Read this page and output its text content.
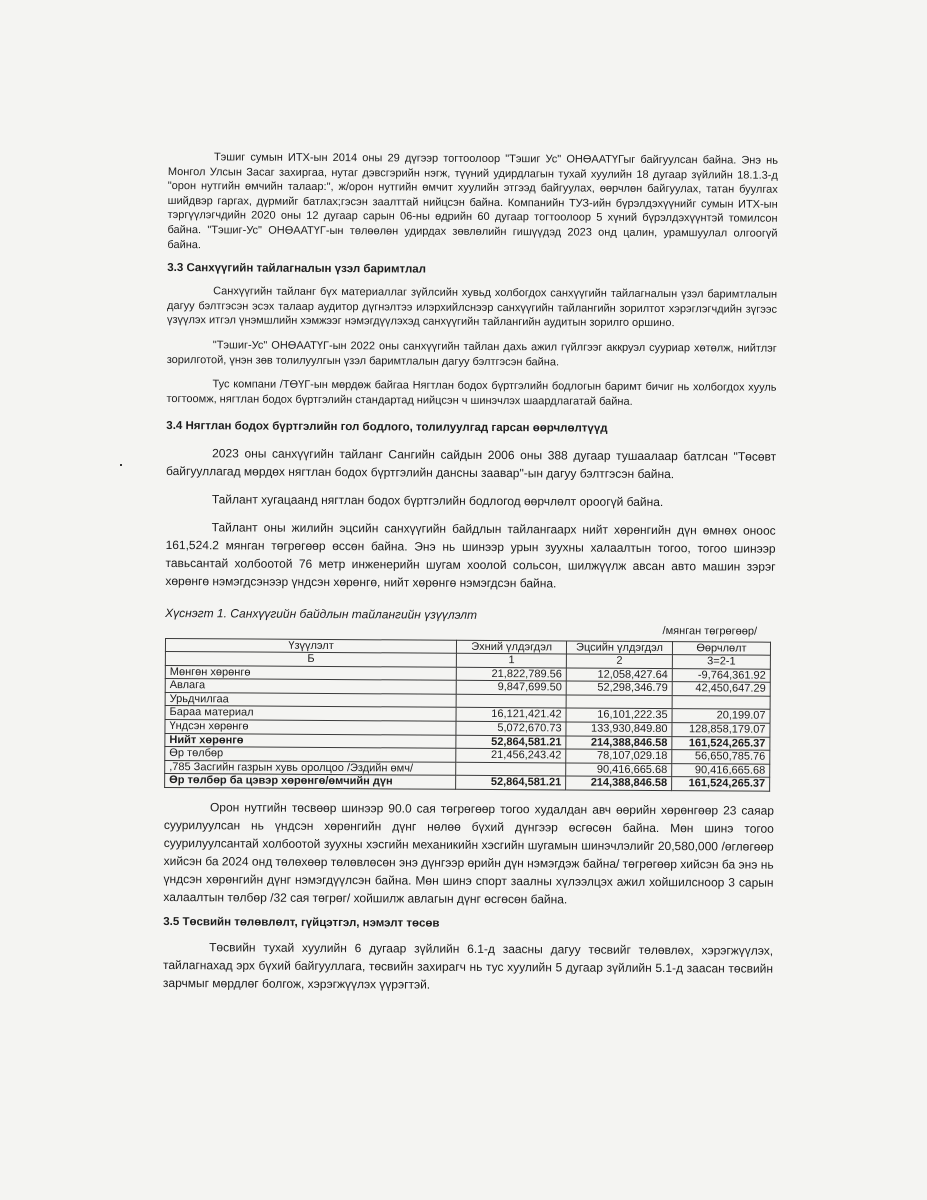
Тэшиг сумын ИТХ-ын 2014 оны 29 дүгээр тогтоолоор "Тэшиг Ус" ОНӨААТҮГыг байгуулсан байна. Энэ нь Монгол Улсын Засаг захиргаа, нутаг дэвсгэрийн нэгж, түүний удирдлагын тухай хуулийн 18 дугаар зүйлийн 18.1.3-д "орон нутгийн өмчийн талаар:", ж/орон нутгийн өмчит хуулийн этгээд байгуулах, өөрчлөн байгуулах, татан буулгах шийдвэр гаргах, дүрмийг батлах;гэсэн заалттай нийцсэн байна. Компанийн ТУЗ-ийн бүрэлдэхүүнийг сумын ИТХ-ын тэргүүлэгчдийн 2020 оны 12 дугаар сарын 06-ны өдрийн 60 дугаар тогтоолоор 5 хүний бүрэлдэхүүнтэй томилсон байна. "Тэшиг-Ус" ОНӨААТҮГ-ын төлөөлөн удирдах зөвлөлийн гишүүдэд 2023 онд цалин, урамшуулал олгоогүй байна.

3.3 Санхүүгийн тайлагналын үзэл баримтлал

Санхүүгийн тайланг бүх материаллаг зүйлсийн хувьд холбогдох санхүүгийн тайлагналын үзэл баримтлалын дагуу бэлтгэсэн эсэх талаар аудитор дүгнэлтээ илэрхийлснээр санхүүгийн тайлангийн зорилтот хэрэглэгчдийн зүгээс үзүүлэх итгэл үнэмшлийн хэмжээг нэмэгдүүлэхэд санхүүгийн тайлангийн аудитын зорилго оршино.

"Тэшиг-Ус" ОНӨААТҮГ-ын 2022 оны санхүүгийн тайлан дахь ажил гүйлгээг аккруэл сууриар хөтөлж, нийтлэг зорилготой, үнэн зөв толилуулгын үзэл баримтлалын дагуу бэлтгэсэн байна.

Тус компани /ТӨҮГ-ын мөрдөж байгаа Нягтлан бодох бүртгэлийн бодлогын баримт бичиг нь холбогдох хууль тогтоомж, нягтлан бодох бүртгэлийн стандартад нийцсэн ч шинэчлэх шаардлагатай байна.

3.4 Нягтлан бодох бүртгэлийн гол бодлого, толилуулгад гарсан өөрчлөлтүүд

2023 оны санхүүгийн тайланг Сангийн сайдын 2006 оны 388 дугаар тушаалаар батлсан "Төсөвт байгууллагад мөрдөх нягтлан бодох бүртгэлийн дансны заавар"-ын дагуу бэлтгэсэн байна.

Тайлант хугацаанд нягтлан бодох бүртгэлийн бодлогод өөрчлөлт ороогүй байна.

Тайлант оны жилийн эцсийн санхүүгийн байдлын тайлангаарх нийт хөрөнгийн дүн өмнөх оноос 161,524.2 мянган төгрөгөөр өссөн байна. Энэ нь шинээр урын зуухны халаалтын тогоо, тогоо шинээр тавьсантай холбоотой 76 метр инженерийн шугам хоолой сольсон, шилжүүлж авсан авто машин зэрэг хөрөнгө нэмэгдсэнээр үндсэн хөрөнгө, нийт хөрөнгө нэмэгдсэн байна.

Хүснэгт 1. Санхүүгийн байдлын тайлангийн үзүүлэлт

/мянган төгрөгөөр/

Үзүүлэлт	Эхний үлдэгдэл	Эцсийн үлдэгдэл	Өөрчлөлт
Б	1	2	3=2-1
Мөнгөн хөрөнгө	21,822,789.56	12,058,427.64	-9,764,361.92
Авлага	9,847,699.50	52,298,346.79	42,450,647.29
Урьдчилгаа			
Бараа материал	16,121,421.42	16,101,222.35	20,199.07
Үндсэн хөрөнгө	5,072,670.73	133,930,849.80	128,858,179.07
Нийт хөрөнгө	52,864,581.21	214,388,846.58	161,524,265.37
Өр төлбөр	21,456,243.42	78,107,029.18	56,650,785.76
,785 Засгийн газрын хувь оролцоо /Эздийн өмч/		90,416,665.68	90,416,665.68
Өр төлбөр ба цэвэр хөрөнгө/өмчийн дүн	52,864,581.21	214,388,846.58	161,524,265.37

Орон нутгийн төсвөөр шинээр 90.0 сая төгрөгөөр тогоо худалдан авч өөрийн хөрөнгөөр 23 саяар суурилуулсан нь үндсэн хөрөнгийн дүнг нөлөө бүхий дүнгээр өсгөсөн байна. Мөн шинэ тогоо суурилуулсантай холбоотой зуухны хэсгийн механикийн хэсгийн шугамын шинэчлэлийг 20,580,000 /өглөгөөр хийсэн ба 2024 онд төлөхөөр төлөвлөсөн энэ дүнгээр өрийн дүн нэмэгдэж байна/ төгрөгөөр хийсэн ба энэ нь үндсэн хөрөнгийн дүнг нэмэгдүүлсэн байна. Мөн шинэ спорт заалны хүлээлцэх ажил хойшилсноор 3 сарын халаалтын төлбөр /32 сая төгрөг/ хойшилж авлагын дүнг өсгөсөн байна.

3.5 Төсвийн төлөвлөлт, гүйцэтгэл, нэмэлт төсөв

Төсвийн тухай хуулийн 6 дугаар зүйлийн 6.1-д заасны дагуу төсвийг төлөвлөх, хэрэгжүүлэх, тайлагнахад эрх бүхий байгууллага, төсвийн захирагч нь тус хуулийн 5 дугаар зүйлийн 5.1-д заасан төсвийн зарчмыг мөрдлөг болгож, хэрэгжүүлэх үүрэгтэй.
